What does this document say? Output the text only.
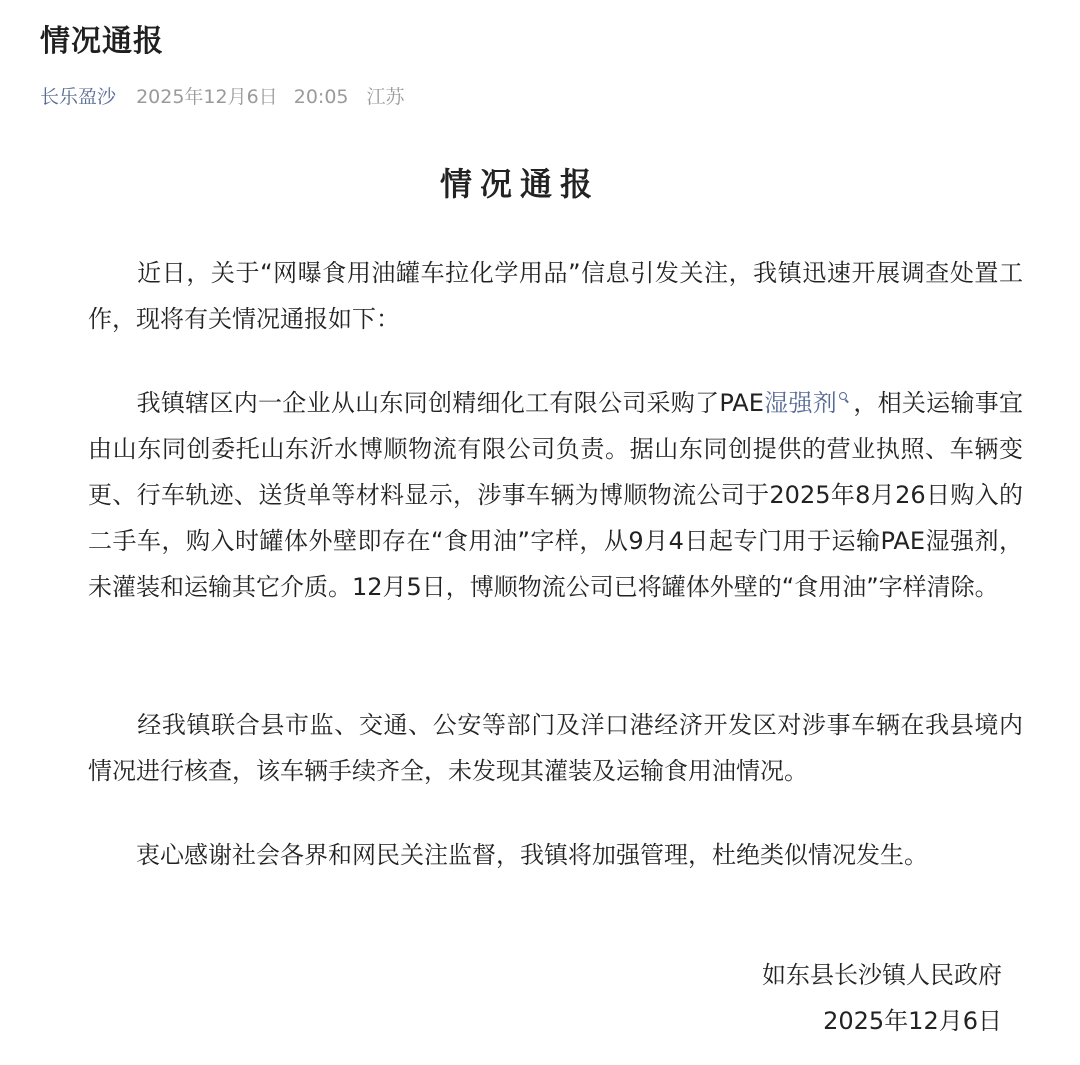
情况通报
长乐盈沙 2025年12月6日 20:05 江苏
情况通报

　　近日，关于“网曝食用油罐车拉化学用品”信息引发关注，我镇迅速开展调查处置工作，现将有关情况通报如下：

　　我镇辖区内一企业从山东同创精细化工有限公司采购了PAE湿强剂 ，相关运输事宜由山东同创委托山东沂水博顺物流有限公司负责。据山东同创提供的营业执照、车辆变更、行车轨迹、送货单等材料显示，涉事车辆为博顺物流公司于2025年8月26日购入的二手车，购入时罐体外壁即存在“食用油”字样，从9月4日起专门用于运输PAE湿强剂，未灌装和运输其它介质。12月5日，博顺物流公司已将罐体外壁的“食用油”字样清除。

　　经我镇联合县市监、交通、公安等部门及洋口港经济开发区对涉事车辆在我县境内情况进行核查，该车辆手续齐全，未发现其灌装及运输食用油情况。

　　衷心感谢社会各界和网民关注监督，我镇将加强管理，杜绝类似情况发生。

如东县长沙镇人民政府
2025年12月6日
